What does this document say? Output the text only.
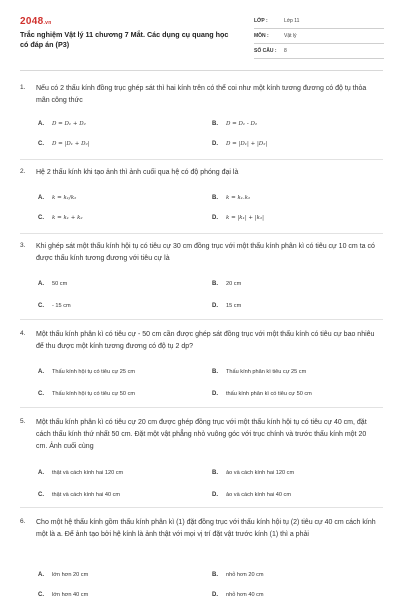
2048.vn
Trắc nghiệm Vật lý 11 chương 7 Mắt. Các dụng cụ quang học có đáp án (P3)
LỚP :	Lớp 11
MÔN :	Vật lý
SỐ CÂU : 8
1. Nếu có 2 thấu kính đồng trục ghép sát thì hai kính trên có thể coi như một kính tương đương có độ tụ thỏa mãn công thức
A. D = D₁ + D₂	B. D = D₁ - D₂
C. D = |D₁ + D₂|	D. D = |D₁| + |D₂|
2. Hệ 2 thấu kính khi tạo ảnh thì ảnh cuối qua hệ có độ phóng đại là
A. k = k₁/k₂	B. k = k₁.k₂
C. k = k₁ + k₂	D. k = |k₁| + |k₂|
3. Khi ghép sát một thấu kính hội tụ có tiêu cự 30 cm đồng trục với một thấu kính phân kì có tiêu cự 10 cm ta có được thấu kính tương đương với tiêu cự là
A. 50 cm	B. 20 cm
C. - 15 cm	D. 15 cm
4. Một thấu kính phân kì có tiêu cự - 50 cm cần được ghép sát đồng trục với một thấu kính có tiêu cự bao nhiêu để thu được một kính tương đương có độ tụ 2 dp?
A. Thấu kính hội tụ có tiêu cự 25 cm	B. Thấu kính phân kì tiêu cự 25 cm
C. Thấu kính hội tụ có tiêu cự 50 cm	D. thấu kính phân kì có tiêu cự 50 cm
5. Một thấu kính phân kì có tiêu cự 20 cm được ghép đồng trục với một thấu kính hội tụ có tiêu cự 40 cm, đặt cách thấu kính thứ nhất 50 cm. Đặt một vật phẳng nhỏ vuông góc với trục chính và trước thấu kính một 20 cm. Ảnh cuối cùng
A. thật và cách kính hai 120 cm	B. ảo và cách kính hai 120 cm
C. thật và cách kính hai 40 cm	D. ảo và cách kính hai 40 cm
6. Cho một hệ thấu kính gồm thấu kính phân kì (1) đặt đồng trục với thấu kính hội tụ (2) tiêu cự 40 cm cách kính một là a. Để ảnh tạo bởi hệ kính là ảnh thật với mọi vị trí đặt vật trước kính (1) thì a phải
A. lớn hơn 20 cm	B. nhỏ hơn 20 cm
C. lớn hơn 40 cm	D. nhỏ hơn 40 cm
